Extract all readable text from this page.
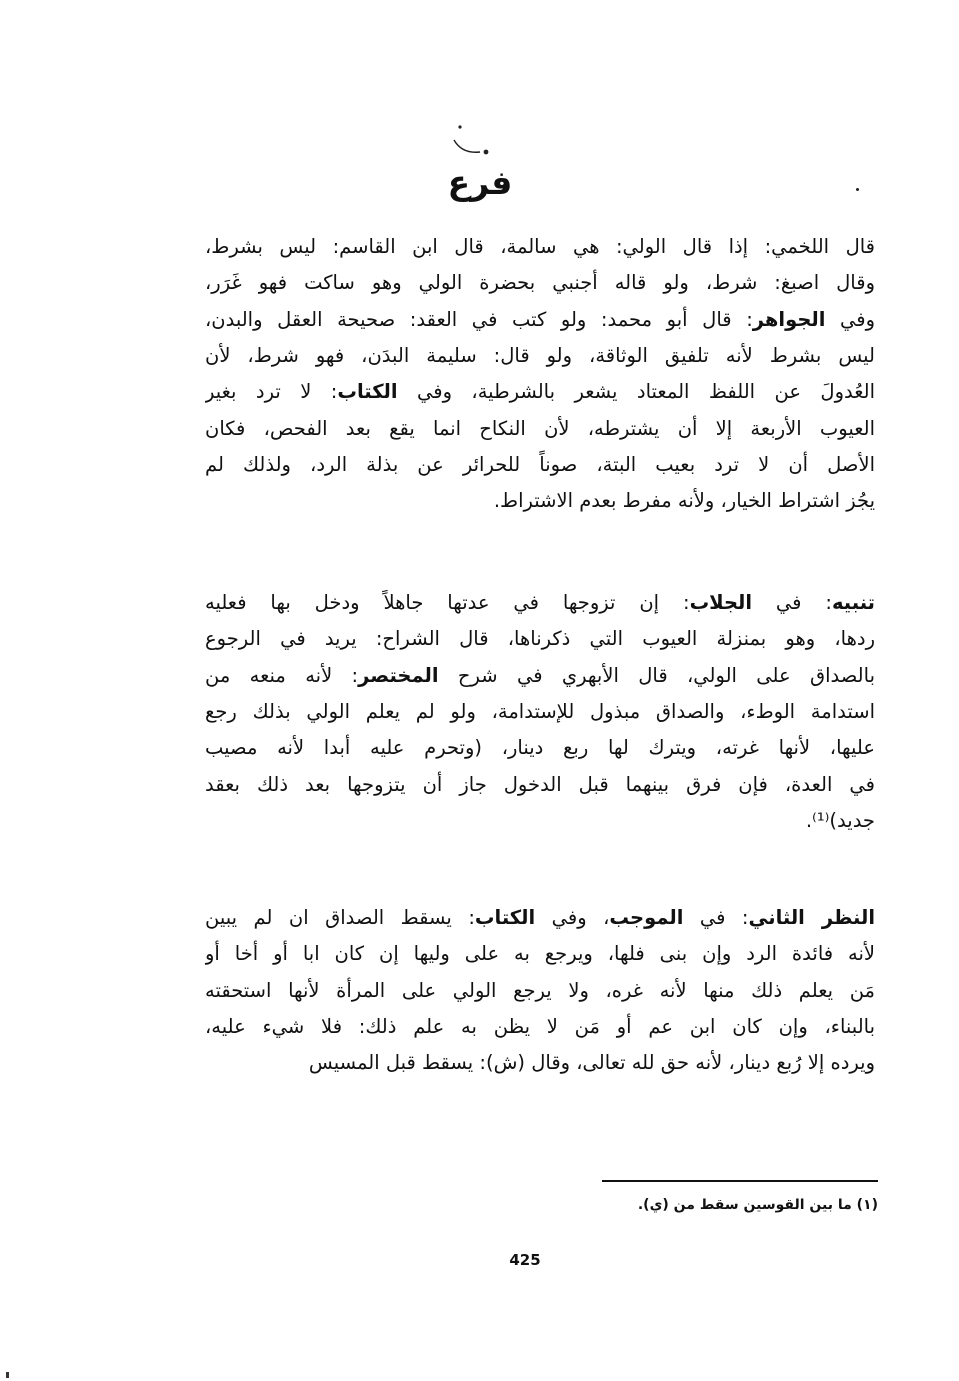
فرع
قال اللخمي: إذا قال الولي: هي سالمة، قال ابن القاسم: ليس بشرط،
وقال اصبغ: شرط، ولو قاله أجنبي بحضرة الولي وهو ساكت فهو غَرَر،
وفي الجواهر: قال أبو محمد: ولو كتب في العقد: صحيحة العقل والبدن،
ليس بشرط لأنه تلفيق الوثاقة، ولو قال: سليمة البدَن، فهو شرط، لأن
العُدولَ عن اللفظ المعتاد يشعر بالشرطية، وفي الكتاب: لا ترد بغير
العيوب الأربعة إلا أن يشترطه، لأن النكاح انما يقع بعد الفحص، فكان
الأصل أن لا ترد بعيب البتة، صوناً للحرائر عن بذلة الرد، ولذلك لم
يجُز اشتراط الخيار، ولأنه مفرط بعدم الاشتراط.
تنبيه: في الجلاب: إن تزوجها في عدتها جاهلاً ودخل بها فعليه
ردها، وهو بمنزلة العيوب التي ذكرناها، قال الشراح: يريد في الرجوع
بالصداق على الولي، قال الأبهري في شرح المختصر: لأنه منعه من
استدامة الوطء، والصداق مبذول للإستدامة، ولو لم يعلم الولي بذلك رجع
عليها، لأنها غرته، ويترك لها ربع دينار، (وتحرم عليه أبدا لأنه مصيب
في العدة، فإن فرق بينهما قبل الدخول جاز أن يتزوجها بعد ذلك بعقد
جديد)⁽¹⁾.
النظر الثاني: في الموجب، وفي الكتاب: يسقط الصداق ان لم يبين
لأنه فائدة الرد وإن بنى فلها، ويرجع به على وليها إن كان ابا أو أخا أو
مَن يعلم ذلك منها لأنه غره، ولا يرجع الولي على المرأة لأنها استحقته
بالبناء، وإن كان ابن عم أو مَن لا يظن به علم ذلك: فلا شيء عليه،
ويرده إلا رُبع دينار، لأنه حق لله تعالى، وقال (ش): يسقط قبل المسيس
(١) ما بين القوسين سقط من (ي).
425
